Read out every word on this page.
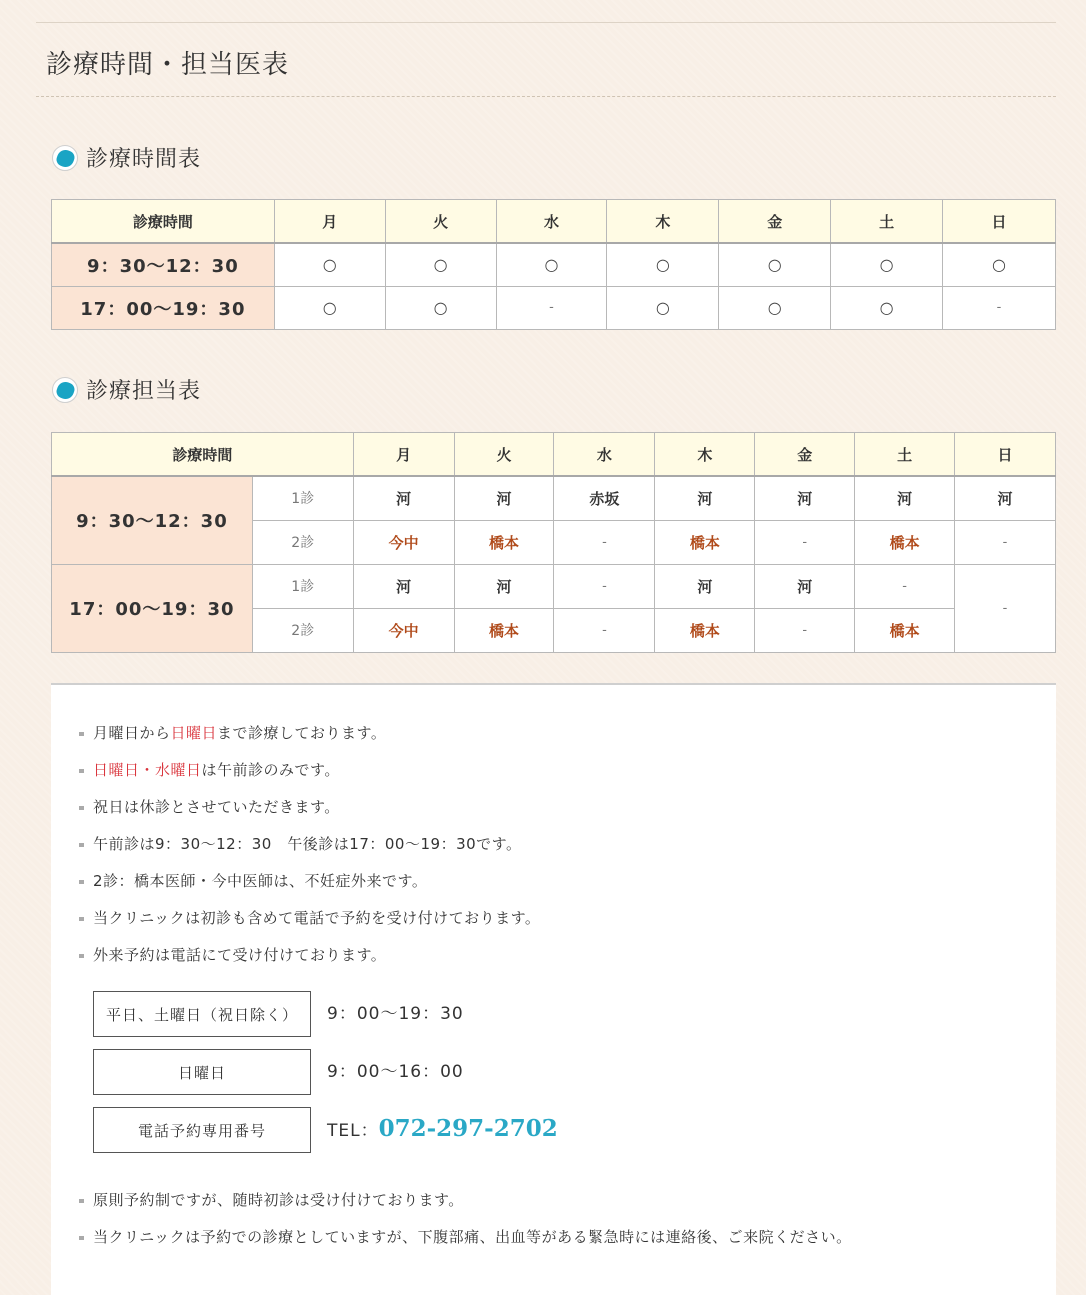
診療時間・担当医表
診療時間表
診療時間	月	火	水	木	金	土	日
9：30〜12：30	○	○	○	○	○	○	○
17：00〜19：30	○	○	-	○	○	○	-
診療担当表
診療時間		月	火	水	木	金	土	日
9：30〜12：30	1診	河	河	赤坂	河	河	河	河
	2診	今中	橋本	-	橋本	-	橋本	-
17：00〜19：30	1診	河	河	-	河	河	-	-
	2診	今中	橋本	-	橋本	-	橋本	
月曜日から日曜日まで診療しております。
日曜日・水曜日は午前診のみです。
祝日は休診とさせていただきます。
午前診は9：30〜12：30　午後診は17：00〜19：30です。
2診：橋本医師・今中医師は、不妊症外来です。
当クリニックは初診も含めて電話で予約を受け付けております。
外来予約は電話にて受け付けております。
平日、土曜日（祝日除く）	9：00〜19：30
日曜日	9：00〜16：00
電話予約専用番号	TEL：072-297-2702
原則予約制ですが、随時初診は受け付けております。
当クリニックは予約での診療としていますが、下腹部痛、出血等がある緊急時には連絡後、ご来院ください。
